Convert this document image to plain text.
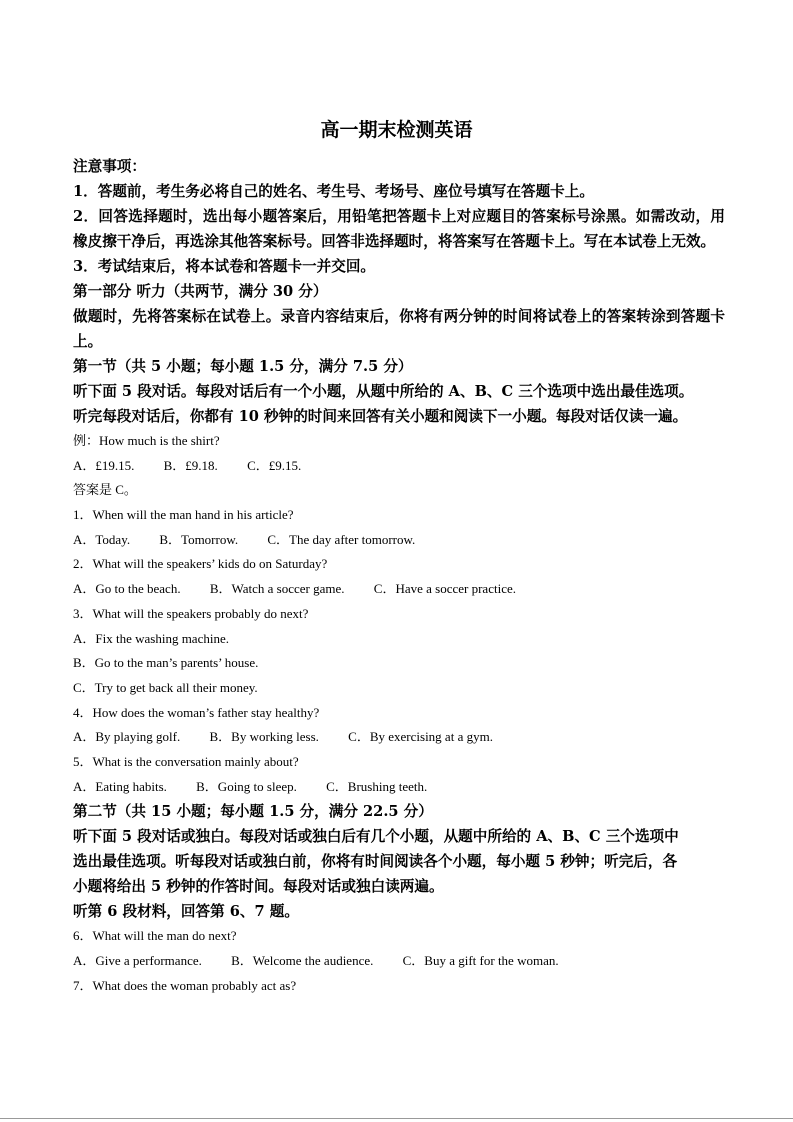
高一期末检测英语
注意事项：
1．答题前，考生务必将自己的姓名、考生号、考场号、座位号填写在答题卡上。
2．回答选择题时，选出每小题答案后，用铅笔把答题卡上对应题目的答案标号涂黑。如需改动，用橡皮擦干净后，再选涂其他答案标号。回答非选择题时，将答案写在答题卡上。写在本试卷上无效。
3．考试结束后，将本试卷和答题卡一并交回。
第一部分 听力（共两节，满分 30 分）
做题时，先将答案标在试卷上。录音内容结束后，你将有两分钟的时间将试卷上的答案转涂到答题卡上。
第一节（共 5 小题；每小题 1.5 分，满分 7.5 分）
听下面 5 段对话。每段对话后有一个小题，从题中所给的 A、B、C 三个选项中选出最佳选项。
听完每段对话后，你都有 10 秒钟的时间来回答有关小题和阅读下一小题。每段对话仅读一遍。
例：How much is the shirt?
A．£19.15. B．£9.18. C．£9.15.
答案是 C。
1．When will the man hand in his article?
A．Today. B．Tomorrow. C．The day after tomorrow.
2．What will the speakers’ kids do on Saturday?
A．Go to the beach. B．Watch a soccer game. C．Have a soccer practice.
3．What will the speakers probably do next?
A．Fix the washing machine.
B．Go to the man’s parents’ house.
C．Try to get back all their money.
4．How does the woman’s father stay healthy?
A．By playing golf. B．By working less. C．By exercising at a gym.
5．What is the conversation mainly about?
A．Eating habits. B．Going to sleep. C．Brushing teeth.
第二节（共 15 小题；每小题 1.5 分，满分 22.5 分）
听下面 5 段对话或独白。每段对话或独白后有几个小题，从题中所给的 A、B、C 三个选项中
选出最佳选项。听每段对话或独白前，你将有时间阅读各个小题，每小题 5 秒钟；听完后，各
小题将给出 5 秒钟的作答时间。每段对话或独白读两遍。
听第 6 段材料，回答第 6、7 题。
6．What will the man do next?
A．Give a performance. B．Welcome the audience. C．Buy a gift for the woman.
7．What does the woman probably act as?
